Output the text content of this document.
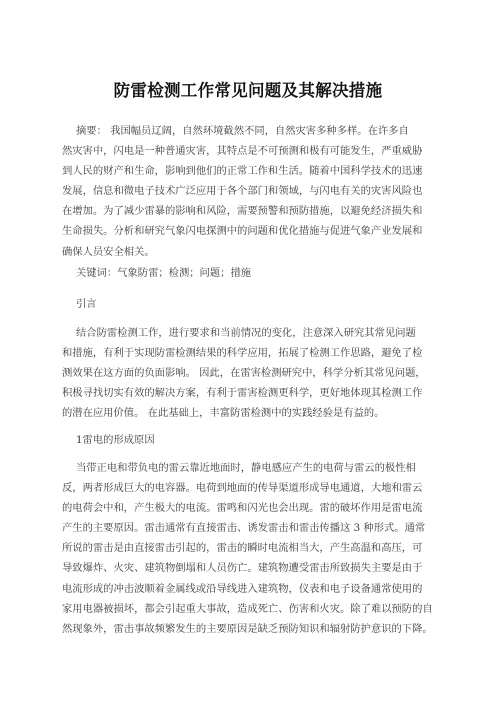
防雷检测工作常见问题及其解决措施
摘要： 我国幅员辽阔，自然环境截然不同，自然灾害多种多样。在许多自
然灾害中，闪电是一种普通灾害，其特点是不可预测和极有可能发生，严重威胁
到人民的财产和生命，影响到他们的正常工作和生活。随着中国科学技术的迅速
发展，信息和微电子技术广泛应用于各个部门和领域，与闪电有关的灾害风险也
在增加。为了减少雷暴的影响和风险，需要预警和预防措施，以避免经济损失和
生命损失。分析和研究气象闪电探测中的问题和优化措施与促进气象产业发展和
确保人员安全相关。

关键词：气象防雷；检测；问题；措施

引言

结合防雷检测工作，进行要求和当前情况的变化，注意深入研究其常见问题
和措施，有利于实现防雷检测结果的科学应用，拓展了检测工作思路，避免了检
测效果在这方面的负面影响。 因此，在雷害检测研究中，科学分析其常见问题，
积极寻找切实有效的解决方案，有利于雷害检测更科学，更好地体现其检测工作
的潜在应用价值。 在此基础上，丰富防雷检测中的实践经验是有益的。

1雷电的形成原因

当带正电和带负电的雷云靠近地面时，静电感应产生的电荷与雷云的极性相
反，两者形成巨大的电容器。电荷到地面的传导渠道形成导电通道，大地和雷云
的电荷会中和，产生极大的电流。雷鸣和闪光也会出现。雷的破坏作用是雷电流
产生的主要原因。雷击通常有直接雷击、诱发雷击和雷击传播这 3 种形式。通常
所说的雷击是由直接雷击引起的，雷击的瞬时电流相当大，产生高温和高压，可
导致爆炸、火灾、建筑物倒塌和人员伤亡。建筑物遭受雷击所致损失主要是由于
电流形成的冲击波顺着金属线或沿导线进入建筑物，仪表和电子设备通常使用的
家用电器被损坏，都会引起重大事故，造成死亡、伤害和火灾。除了难以预防的自
然现象外，雷击事故频繁发生的主要原因是缺乏预防知识和辐射防护意识的下降。
